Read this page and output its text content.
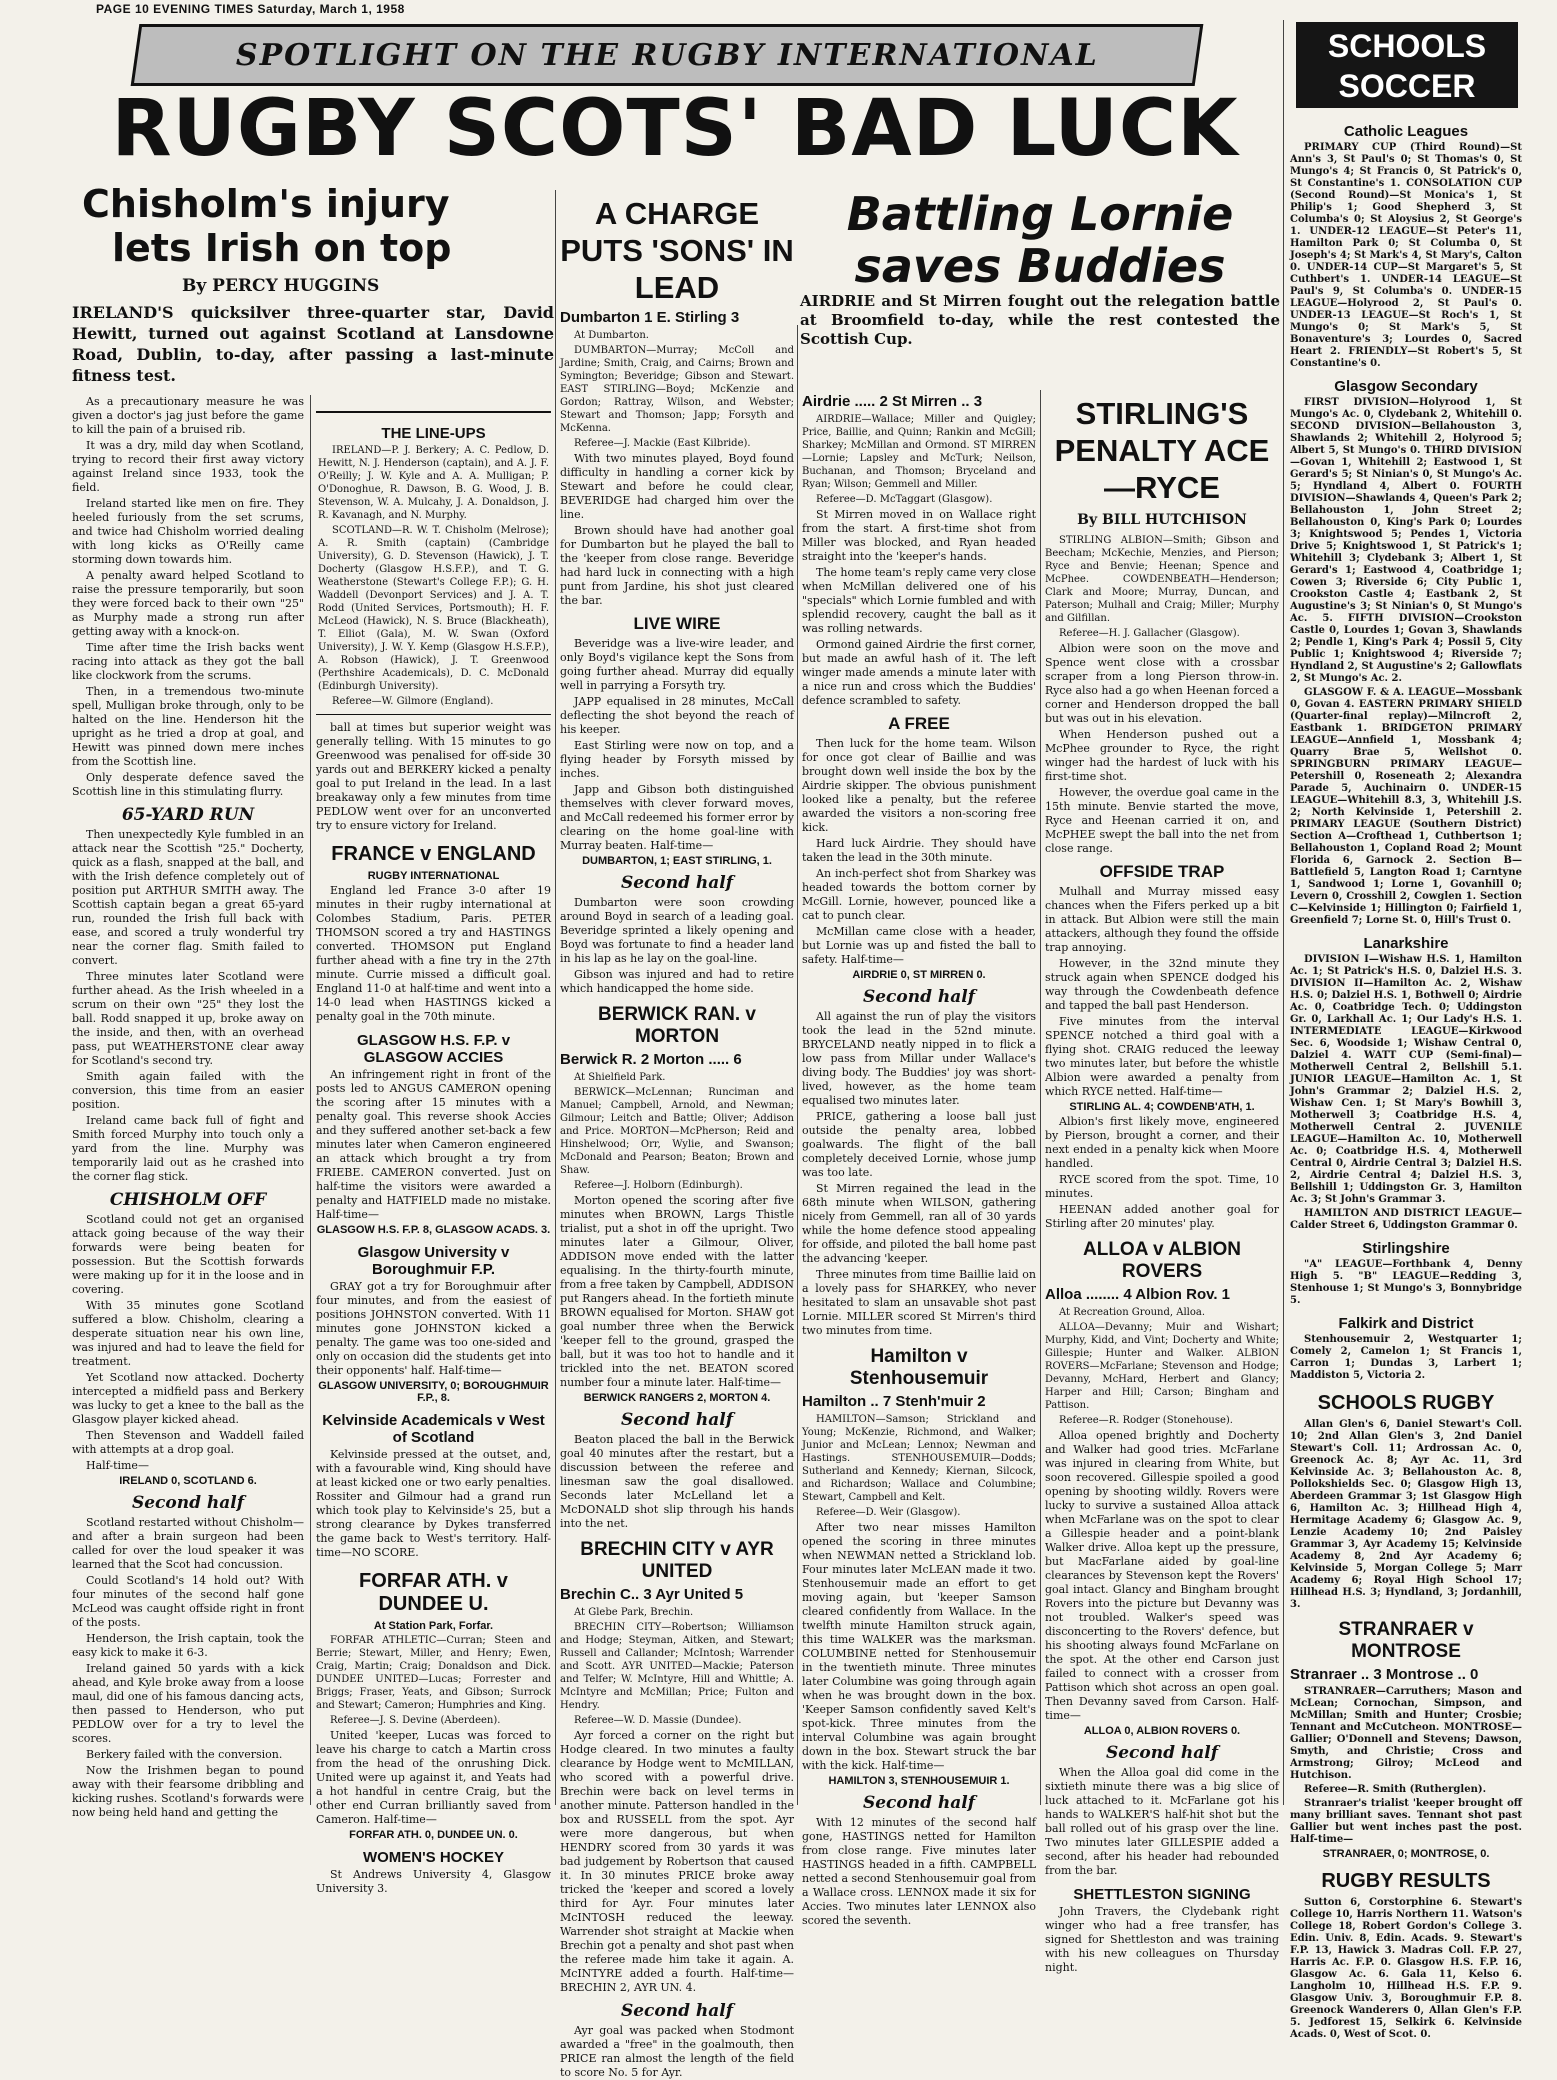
PAGE 10 EVENING TIMES Saturday, March 1, 1958
SPOTLIGHT ON THE RUGBY INTERNATIONAL
RUGBY SCOTS' BAD LUCK
SCHOOLS
SOCCER
Chisholm's injury
lets Irish on top
By PERCY HUGGINS

IRELAND'S quicksilver three-quarter star, David Hewitt, turned out against Scotland at Lansdowne Road, Dublin, to-day, after passing a last-minute fitness test.

As a precautionary measure he was given a doctor's jag just before the game to kill the pain of a bruised rib.

It was a dry, mild day when Scotland, trying to record their first away victory against Ireland since 1933, took the field.

Ireland started like men on fire. They heeled furiously from the set scrums, and twice had Chisholm worried dealing with long kicks as O'Reilly came storming down towards him.

A penalty award helped Scotland to raise the pressure temporarily, but soon they were forced back to their own "25" as Murphy made a strong run after getting away with a knock-on.

Time after time the Irish backs went racing into attack as they got the ball like clockwork from the scrums.

Then, in a tremendous two-minute spell, Mulligan broke through, only to be halted on the line. Henderson hit the upright as he tried a drop at goal, and Hewitt was pinned down mere inches from the Scottish line.

Only desperate defence saved the Scottish line in this stimulating flurry.

65-YARD RUN

Then unexpectedly Kyle fumbled in an attack near the Scottish "25." Docherty, quick as a flash, snapped at the ball, and with the Irish defence completely out of position put ARTHUR SMITH away. The Scottish captain began a great 65-yard run, rounded the Irish full back with ease, and scored a truly wonderful try near the corner flag. Smith failed to convert.

Three minutes later Scotland were further ahead. As the Irish wheeled in a scrum on their own "25" they lost the ball. Rodd snapped it up, broke away on the inside, and then, with an overhead pass, put WEATHERSTONE clear away for Scotland's second try.

Smith again failed with the conversion, this time from an easier position.

Ireland came back full of fight and Smith forced Murphy into touch only a yard from the line. Murphy was temporarily laid out as he crashed into the corner flag stick.

CHISHOLM OFF

Scotland could not get an organised attack going because of the way their forwards were being beaten for possession. But the Scottish forwards were making up for it in the loose and in covering.

With 35 minutes gone Scotland suffered a blow. Chisholm, clearing a desperate situation near his own line, was injured and had to leave the field for treatment.

Yet Scotland now attacked. Docherty intercepted a midfield pass and Berkery was lucky to get a knee to the ball as the Glasgow player kicked ahead.

Then Stevenson and Waddell failed with attempts at a drop goal.

Half-time—

IRELAND 0, SCOTLAND 6.
Second half

Scotland restarted without Chisholm—and after a brain surgeon had been called for over the loud speaker it was learned that the Scot had concussion.

Could Scotland's 14 hold out? With four minutes of the second half gone McLeod was caught offside right in front of the posts.

Henderson, the Irish captain, took the easy kick to make it 6-3.

Ireland gained 50 yards with a kick ahead, and Kyle broke away from a loose maul, did one of his famous dancing acts, then passed to Henderson, who put PEDLOW over for a try to level the scores.

Berkery failed with the conversion.

Now the Irishmen began to pound away with their fearsome dribbling and kicking rushes. Scotland's forwards were now being held hand and getting the

THE LINE-UPS

IRELAND—P. J. Berkery; A. C. Pedlow, D. Hewitt, N. J. Henderson (captain), and A. J. F. O'Reilly; J. W. Kyle and A. A. Mulligan; P. O'Donoghue, R. Dawson, B. G. Wood, J. B. Stevenson, W. A. Mulcahy, J. A. Donaldson, J. R. Kavanagh, and N. Murphy.

SCOTLAND—R. W. T. Chisholm (Melrose); A. R. Smith (captain) (Cambridge University), G. D. Stevenson (Hawick), J. T. Docherty (Glasgow H.S.F.P.), and T. G. Weatherstone (Stewart's College F.P.); G. H. Waddell (Devonport Services) and J. A. T. Rodd (United Services, Portsmouth); H. F. McLeod (Hawick), N. S. Bruce (Blackheath), T. Elliot (Gala), M. W. Swan (Oxford University), J. W. Y. Kemp (Glasgow H.S.F.P.), A. Robson (Hawick), J. T. Greenwood (Perthshire Academicals), D. C. McDonald (Edinburgh University).

Referee—W. Gilmore (England).

ball at times but superior weight was generally telling. With 15 minutes to go Greenwood was penalised for off-side 30 yards out and BERKERY kicked a penalty goal to put Ireland in the lead. In a last breakaway only a few minutes from time PEDLOW went over for an unconverted try to ensure victory for Ireland.

FRANCE v ENGLAND
RUGBY INTERNATIONAL

England led France 3-0 after 19 minutes in their rugby international at Colombes Stadium, Paris. PETER THOMSON scored a try and HASTINGS converted. THOMSON put England further ahead with a fine try in the 27th minute. Currie missed a difficult goal. England 11-0 at half-time and went into a 14-0 lead when HASTINGS kicked a penalty goal in the 70th minute.

GLASGOW H.S. F.P. v GLASGOW ACCIES

An infringement right in front of the posts led to ANGUS CAMERON opening the scoring after 15 minutes with a penalty goal. This reverse shook Accies and they suffered another set-back a few minutes later when Cameron engineered an attack which brought a try from FRIEBE. CAMERON converted. Just on half-time the visitors were awarded a penalty and HATFIELD made no mistake. Half-time—

GLASGOW H.S. F.P. 8, GLASGOW ACADS. 3.
Glasgow University v Boroughmuir F.P.

GRAY got a try for Boroughmuir after four minutes, and from the easiest of positions JOHNSTON converted. With 11 minutes gone JOHNSTON kicked a penalty. The game was too one-sided and only on occasion did the students get into their opponents' half. Half-time—

GLASGOW UNIVERSITY, 0; BOROUGHMUIR F.P., 8.
Kelvinside Academicals v West of Scotland

Kelvinside pressed at the outset, and, with a favourable wind, King should have at least kicked one or two early penalties. Rossiter and Gilmour had a grand run which took play to Kelvinside's 25, but a strong clearance by Dykes transferred the game back to West's territory. Half-time—NO SCORE.

FORFAR ATH. v DUNDEE U.
At Station Park, Forfar.

FORFAR ATHLETIC—Curran; Steen and Berrie; Stewart, Miller, and Henry; Ewen, Craig, Martin; Craig; Donaldson and Dick. DUNDEE UNITED—Lucas; Forrester and Briggs; Fraser, Yeats, and Gibson; Surrock and Stewart; Cameron; Humphries and King.

Referee—J. S. Devine (Aberdeen).

United 'keeper, Lucas was forced to leave his charge to catch a Martin cross from the head of the onrushing Dick. United were up against it, and Yeats had a hot handful in centre Craig, but the other end Curran brilliantly saved from Cameron. Half-time—

FORFAR ATH. 0, DUNDEE UN. 0.
WOMEN'S HOCKEY

St Andrews University 4, Glasgow University 3.

A CHARGE PUTS 'SONS' IN LEAD
Dumbarton 1 E. Stirling 3

At Dumbarton.

DUMBARTON—Murray; McColl and Jardine; Smith, Craig, and Cairns; Brown and Symington; Beveridge; Gibson and Stewart. EAST STIRLING—Boyd; McKenzie and Gordon; Rattray, Wilson, and Webster; Stewart and Thomson; Japp; Forsyth and McKenna.

Referee—J. Mackie (East Kilbride).

With two minutes played, Boyd found difficulty in handling a corner kick by Stewart and before he could clear, BEVERIDGE had charged him over the line.

Brown should have had another goal for Dumbarton but he played the ball to the 'keeper from close range. Beveridge had hard luck in connecting with a high punt from Jardine, his shot just cleared the bar.

LIVE WIRE

Beveridge was a live-wire leader, and only Boyd's vigilance kept the Sons from going further ahead. Murray did equally well in parrying a Forsyth try.

JAPP equalised in 28 minutes, McCall deflecting the shot beyond the reach of his keeper.

East Stirling were now on top, and a flying header by Forsyth missed by inches.

Japp and Gibson both distinguished themselves with clever forward moves, and McCall redeemed his former error by clearing on the home goal-line with Murray beaten. Half-time—

DUMBARTON, 1; EAST STIRLING, 1.
Second half

Dumbarton were soon crowding around Boyd in search of a leading goal. Beveridge sprinted a likely opening and Boyd was fortunate to find a header land in his lap as he lay on the goal-line.

Gibson was injured and had to retire which handicapped the home side.

BERWICK RAN. v MORTON
Berwick R. 2 Morton ..... 6

At Shielfield Park.

BERWICK—McLennan; Runciman and Manuel; Campbell, Arnold, and Newman; Gilmour; Leitch and Battle; Oliver; Addison and Price. MORTON—McPherson; Reid and Hinshelwood; Orr, Wylie, and Swanson; McDonald and Pearson; Beaton; Brown and Shaw.

Referee—J. Holborn (Edinburgh).

Morton opened the scoring after five minutes when BROWN, Largs Thistle trialist, put a shot in off the upright. Two minutes later a Gilmour, Oliver, ADDISON move ended with the latter equalising. In the thirty-fourth minute, from a free taken by Campbell, ADDISON put Rangers ahead. In the fortieth minute BROWN equalised for Morton. SHAW got goal number three when the Berwick 'keeper fell to the ground, grasped the ball, but it was too hot to handle and it trickled into the net. BEATON scored number four a minute later. Half-time—

BERWICK RANGERS 2, MORTON 4.
Second half

Beaton placed the ball in the Berwick goal 40 minutes after the restart, but a discussion between the referee and linesman saw the goal disallowed. Seconds later McLelland let a McDONALD shot slip through his hands into the net.

BRECHIN CITY v AYR UNITED
Brechin C.. 3 Ayr United 5

At Glebe Park, Brechin.

BRECHIN CITY—Robertson; Williamson and Hodge; Steyman, Aitken, and Stewart; Russell and Callander; McIntosh; Warrender and Scott. AYR UNITED—Mackie; Paterson and Telfer; W. McIntyre, Hill and Whittle; A. McIntyre and McMillan; Price; Fulton and Hendry.

Referee—W. D. Massie (Dundee).

Ayr forced a corner on the right but Hodge cleared. In two minutes a faulty clearance by Hodge went to McMILLAN, who scored with a powerful drive. Brechin were back on level terms in another minute. Patterson handled in the box and RUSSELL from the spot. Ayr were more dangerous, but when HENDRY scored from 30 yards it was bad judgement by Robertson that caused it. In 30 minutes PRICE broke away tricked the 'keeper and scored a lovely third for Ayr. Four minutes later McINTOSH reduced the leeway. Warrender shot straight at Mackie when Brechin got a penalty and shot past when the referee made him take it again. A. McINTYRE added a fourth. Half-time—BRECHIN 2, AYR UN. 4.

Second half

Ayr goal was packed when Stodmont awarded a "free" in the goalmouth, then PRICE ran almost the length of the field to score No. 5 for Ayr.

Battling Lornie
saves Buddies

AIRDRIE and St Mirren fought out the relegation battle at Broomfield to-day, while the rest contested the Scottish Cup.

Airdrie ..... 2 St Mirren .. 3

AIRDRIE—Wallace; Miller and Quigley; Price, Baillie, and Quinn; Rankin and McGill; Sharkey; McMillan and Ormond. ST MIRREN—Lornie; Lapsley and McTurk; Neilson, Buchanan, and Thomson; Bryceland and Ryan; Wilson; Gemmell and Miller.

Referee—D. McTaggart (Glasgow).

St Mirren moved in on Wallace right from the start. A first-time shot from Miller was blocked, and Ryan headed straight into the 'keeper's hands.

The home team's reply came very close when McMillan delivered one of his "specials" which Lornie fumbled and with splendid recovery, caught the ball as it was rolling netwards.

Ormond gained Airdrie the first corner, but made an awful hash of it. The left winger made amends a minute later with a nice run and cross which the Buddies' defence scrambled to safety.

A FREE

Then luck for the home team. Wilson for once got clear of Baillie and was brought down well inside the box by the Airdrie skipper. The obvious punishment looked like a penalty, but the referee awarded the visitors a non-scoring free kick.

Hard luck Airdrie. They should have taken the lead in the 30th minute.

An inch-perfect shot from Sharkey was headed towards the bottom corner by McGill. Lornie, however, pounced like a cat to punch clear.

McMillan came close with a header, but Lornie was up and fisted the ball to safety. Half-time—

AIRDRIE 0, ST MIRREN 0.
Second half

All against the run of play the visitors took the lead in the 52nd minute. BRYCELAND neatly nipped in to flick a low pass from Millar under Wallace's diving body. The Buddies' joy was short-lived, however, as the home team equalised two minutes later.

PRICE, gathering a loose ball just outside the penalty area, lobbed goalwards. The flight of the ball completely deceived Lornie, whose jump was too late.

St Mirren regained the lead in the 68th minute when WILSON, gathering nicely from Gemmell, ran all of 30 yards while the home defence stood appealing for offside, and piloted the ball home past the advancing 'keeper.

Three minutes from time Baillie laid on a lovely pass for SHARKEY, who never hesitated to slam an unsavable shot past Lornie. MILLER scored St Mirren's third two minutes from time.

Hamilton v Stenhousemuir
Hamilton .. 7 Stenh'muir 2

HAMILTON—Samson; Strickland and Young; McKenzie, Richmond, and Walker; Junior and McLean; Lennox; Newman and Hastings. STENHOUSEMUIR—Dodds; Sutherland and Kennedy; Kiernan, Silcock, and Richardson; Wallace and Columbine; Stewart, Campbell and Kelt.

Referee—D. Weir (Glasgow).

After two near misses Hamilton opened the scoring in three minutes when NEWMAN netted a Strickland lob. Four minutes later McLEAN made it two. Stenhousemuir made an effort to get moving again, but 'keeper Samson cleared confidently from Wallace. In the twelfth minute Hamilton struck again, this time WALKER was the marksman. COLUMBINE netted for Stenhousemuir in the twentieth minute. Three minutes later Columbine was going through again when he was brought down in the box. 'Keeper Samson confidently saved Kelt's spot-kick. Three minutes from the interval Columbine was again brought down in the box. Stewart struck the bar with the kick. Half-time—

HAMILTON 3, STENHOUSEMUIR 1.
Second half

With 12 minutes of the second half gone, HASTINGS netted for Hamilton from close range. Five minutes later HASTINGS headed in a fifth. CAMPBELL netted a second Stenhousemuir goal from a Wallace cross. LENNOX made it six for Accies. Two minutes later LENNOX also scored the seventh.

STIRLING'S PENALTY ACE—RYCE
By BILL HUTCHISON

STIRLING ALBION—Smith; Gibson and Beecham; McKechie, Menzies, and Pierson; Ryce and Benvie; Heenan; Spence and McPhee. COWDENBEATH—Henderson; Clark and Moore; Murray, Duncan, and Paterson; Mulhall and Craig; Miller; Murphy and Gilfillan.

Referee—H. J. Gallacher (Glasgow).

Albion were soon on the move and Spence went close with a crossbar scraper from a long Pierson throw-in. Ryce also had a go when Heenan forced a corner and Henderson dropped the ball but was out in his elevation.

When Henderson pushed out a McPhee grounder to Ryce, the right winger had the hardest of luck with his first-time shot.

However, the overdue goal came in the 15th minute. Benvie started the move, Ryce and Heenan carried it on, and McPHEE swept the ball into the net from close range.

OFFSIDE TRAP

Mulhall and Murray missed easy chances when the Fifers perked up a bit in attack. But Albion were still the main attackers, although they found the offside trap annoying.

However, in the 32nd minute they struck again when SPENCE dodged his way through the Cowdenbeath defence and tapped the ball past Henderson.

Five minutes from the interval SPENCE notched a third goal with a flying shot. CRAIG reduced the leeway two minutes later, but before the whistle Albion were awarded a penalty from which RYCE netted. Half-time—

STIRLING AL. 4; COWDENB'ATH, 1.

Albion's first likely move, engineered by Pierson, brought a corner, and their next ended in a penalty kick when Moore handled.

RYCE scored from the spot. Time, 10 minutes.

HEENAN added another goal for Stirling after 20 minutes' play.

ALLOA v ALBION ROVERS
Alloa ........ 4 Albion Rov. 1

At Recreation Ground, Alloa.

ALLOA—Devanny; Muir and Wishart; Murphy, Kidd, and Vint; Docherty and White; Gillespie; Hunter and Walker. ALBION ROVERS—McFarlane; Stevenson and Hodge; Devanny, McHard, Herbert and Glancy; Harper and Hill; Carson; Bingham and Pattison.

Referee—R. Rodger (Stonehouse).

Alloa opened brightly and Docherty and Walker had good tries. McFarlane was injured in clearing from White, but soon recovered. Gillespie spoiled a good opening by shooting wildly. Rovers were lucky to survive a sustained Alloa attack when McFarlane was on the spot to clear a Gillespie header and a point-blank Walker drive. Alloa kept up the pressure, but MacFarlane aided by goal-line clearances by Stevenson kept the Rovers' goal intact. Glancy and Bingham brought Rovers into the picture but Devanny was not troubled. Walker's speed was disconcerting to the Rovers' defence, but his shooting always found McFarlane on the spot. At the other end Carson just failed to connect with a crosser from Pattison which shot across an open goal. Then Devanny saved from Carson. Half-time—

ALLOA 0, ALBION ROVERS 0.
Second half

When the Alloa goal did come in the sixtieth minute there was a big slice of luck attached to it. McFarlane got his hands to WALKER'S half-hit shot but the ball rolled out of his grasp over the line. Two minutes later GILLESPIE added a second, after his header had rebounded from the bar.

SHETTLESTON SIGNING

John Travers, the Clydebank right winger who had a free transfer, has signed for Shettleston and was training with his new colleagues on Thursday night.

Catholic Leagues

PRIMARY CUP (Third Round)—St Ann's 3, St Paul's 0; St Thomas's 0, St Mungo's 4; St Francis 0, St Patrick's 0, St Constantine's 1. CONSOLATION CUP (Second Round)—St Monica's 1, St Philip's 1; Good Shepherd 3, St Columba's 0; St Aloysius 2, St George's 1. UNDER-12 LEAGUE—St Peter's 11, Hamilton Park 0; St Columba 0, St Joseph's 4; St Mark's 4, St Mary's, Calton 0. UNDER-14 CUP—St Margaret's 5, St Cuthbert's 1. UNDER-14 LEAGUE—St Paul's 9, St Columba's 0. UNDER-15 LEAGUE—Holyrood 2, St Paul's 0. UNDER-13 LEAGUE—St Roch's 1, St Mungo's 0; St Mark's 5, St Bonaventure's 3; Lourdes 0, Sacred Heart 2. FRIENDLY—St Robert's 5, St Constantine's 0.

Glasgow Secondary

FIRST DIVISION—Holyrood 1, St Mungo's Ac. 0, Clydebank 2, Whitehill 0. SECOND DIVISION—Bellahouston 3, Shawlands 2; Whitehill 2, Holyrood 5; Albert 5, St Mungo's 0. THIRD DIVISION—Govan 1, Whitehill 2; Eastwood 1, St Gerard's 5; St Ninian's 0, St Mungo's Ac. 5; Hyndland 4, Albert 0. FOURTH DIVISION—Shawlands 4, Queen's Park 2; Bellahouston 1, John Street 2; Bellahouston 0, King's Park 0; Lourdes 3; Knightswood 5; Pendes 1, Victoria Drive 5; Knightswood 1, St Patrick's 1; Whitehill 3; Clydebank 3; Albert 1, St Gerard's 1; Eastwood 4, Coatbridge 1; Cowen 3; Riverside 6; City Public 1, Crookston Castle 4; Eastbank 2, St Augustine's 3; St Ninian's 0, St Mungo's Ac. 5. FIFTH DIVISION—Crookston Castle 0, Lourdes 1; Govan 3, Shawlands 2; Pendle 1, King's Park 4; Possil 5, City Public 1; Knightswood 4; Riverside 7; Hyndland 2, St Augustine's 2; Gallowflats 2, St Mungo's Ac. 2.

GLASGOW F. & A. LEAGUE—Mossbank 0, Govan 4. EASTERN PRIMARY SHIELD (Quarter-final replay)—Milncroft 2, Eastbank 1. BRIDGETON PRIMARY LEAGUE—Annfield 1, Mossbank 4; Quarry Brae 5, Wellshot 0. SPRINGBURN PRIMARY LEAGUE—Petershill 0, Roseneath 2; Alexandra Parade 5, Auchinairn 0. UNDER-15 LEAGUE—Whitehill 8.3, 3, Whitehill J.S. 2; North Kelvinside 1, Petershill 2. PRIMARY LEAGUE (Southern District) Section A—Crofthead 1, Cuthbertson 1; Bellahouston 1, Copland Road 2; Mount Florida 6, Garnock 2. Section B—Battlefield 5, Langton Road 1; Carntyne 1, Sandwood 1; Lorne 1, Govanhill 0; Levern 0, Crosshill 2, Cowglen 1. Section C—Kelvinside 1; Hillington 0; Fairfield 1, Greenfield 7; Lorne St. 0, Hill's Trust 0.

Lanarkshire

DIVISION I—Wishaw H.S. 1, Hamilton Ac. 1; St Patrick's H.S. 0, Dalziel H.S. 3. DIVISION II—Hamilton Ac. 2, Wishaw H.S. 0; Dalziel H.S. 1, Bothwell 0; Airdrie Ac. 0, Coatbridge Tech. 0; Uddingston Gr. 0, Larkhall Ac. 1; Our Lady's H.S. 1. INTERMEDIATE LEAGUE—Kirkwood Sec. 6, Woodside 1; Wishaw Central 0, Dalziel 4. WATT CUP (Semi-final)—Motherwell Central 2, Bellshill 5.1. JUNIOR LEAGUE—Hamilton Ac. 1, St John's Grammar 2; Dalziel H.S. 2, Wishaw Cen. 1; St Mary's Bowhill 3, Motherwell 3; Coatbridge H.S. 4, Motherwell Central 2. JUVENILE LEAGUE—Hamilton Ac. 10, Motherwell Ac. 0; Coatbridge H.S. 4, Motherwell Central 0, Airdrie Central 3; Dalziel H.S. 2, Airdrie Central 4; Dalziel H.S. 3, Bellshill 1; Uddingston Gr. 3, Hamilton Ac. 3; St John's Grammar 3.

HAMILTON AND DISTRICT LEAGUE—Calder Street 6, Uddingston Grammar 0.

Stirlingshire

"A" LEAGUE—Forthbank 4, Denny High 5. "B" LEAGUE—Redding 3, Stenhouse 1; St Mungo's 3, Bonnybridge 5.

Falkirk and District

Stenhousemuir 2, Westquarter 1; Comely 2, Camelon 1; St Francis 1, Carron 1; Dundas 3, Larbert 1; Maddiston 5, Victoria 2.

SCHOOLS RUGBY

Allan Glen's 6, Daniel Stewart's Coll. 10; 2nd Allan Glen's 3, 2nd Daniel Stewart's Coll. 11; Ardrossan Ac. 0, Greenock Ac. 8; Ayr Ac. 11, 3rd Kelvinside Ac. 3; Bellahouston Ac. 8, Pollokshields Sec. 0; Glasgow High 13, Aberdeen Grammar 3; 1st Glasgow High 6, Hamilton Ac. 3; Hillhead High 4, Hermitage Academy 6; Glasgow Ac. 9, Lenzie Academy 10; 2nd Paisley Grammar 3, Ayr Academy 15; Kelvinside Academy 8, 2nd Ayr Academy 6; Kelvinside 5, Morgan College 5; Marr Academy 6; Royal High School 17; Hillhead H.S. 3; Hyndland, 3; Jordanhill, 3.

STRANRAER v MONTROSE
Stranraer .. 3 Montrose .. 0

STRANRAER—Carruthers; Mason and McLean; Cornochan, Simpson, and McMillan; Smith and Hunter; Crosbie; Tennant and McCutcheon. MONTROSE—Gallier; O'Donnell and Stevens; Dawson, Smyth, and Christie; Cross and Armstrong; Gilroy; McLeod and Hutchison.

Referee—R. Smith (Rutherglen).

Stranraer's trialist 'keeper brought off many brilliant saves. Tennant shot past Gallier but went inches past the post. Half-time—

STRANRAER, 0; MONTROSE, 0.
RUGBY RESULTS

Sutton 6, Corstorphine 6. Stewart's College 10, Harris Northern 11. Watson's College 18, Robert Gordon's College 3. Edin. Univ. 8, Edin. Acads. 9. Stewart's F.P. 13, Hawick 3. Madras Coll. F.P. 27, Harris Ac. F.P. 0. Glasgow H.S. F.P. 16, Glasgow Ac. 6. Gala 11, Kelso 6. Langholm 10, Hillhead H.S. F.P. 9. Glasgow Univ. 3, Boroughmuir F.P. 8. Greenock Wanderers 0, Allan Glen's F.P. 5. Jedforest 15, Selkirk 6. Kelvinside Acads. 0, West of Scot. 0.
